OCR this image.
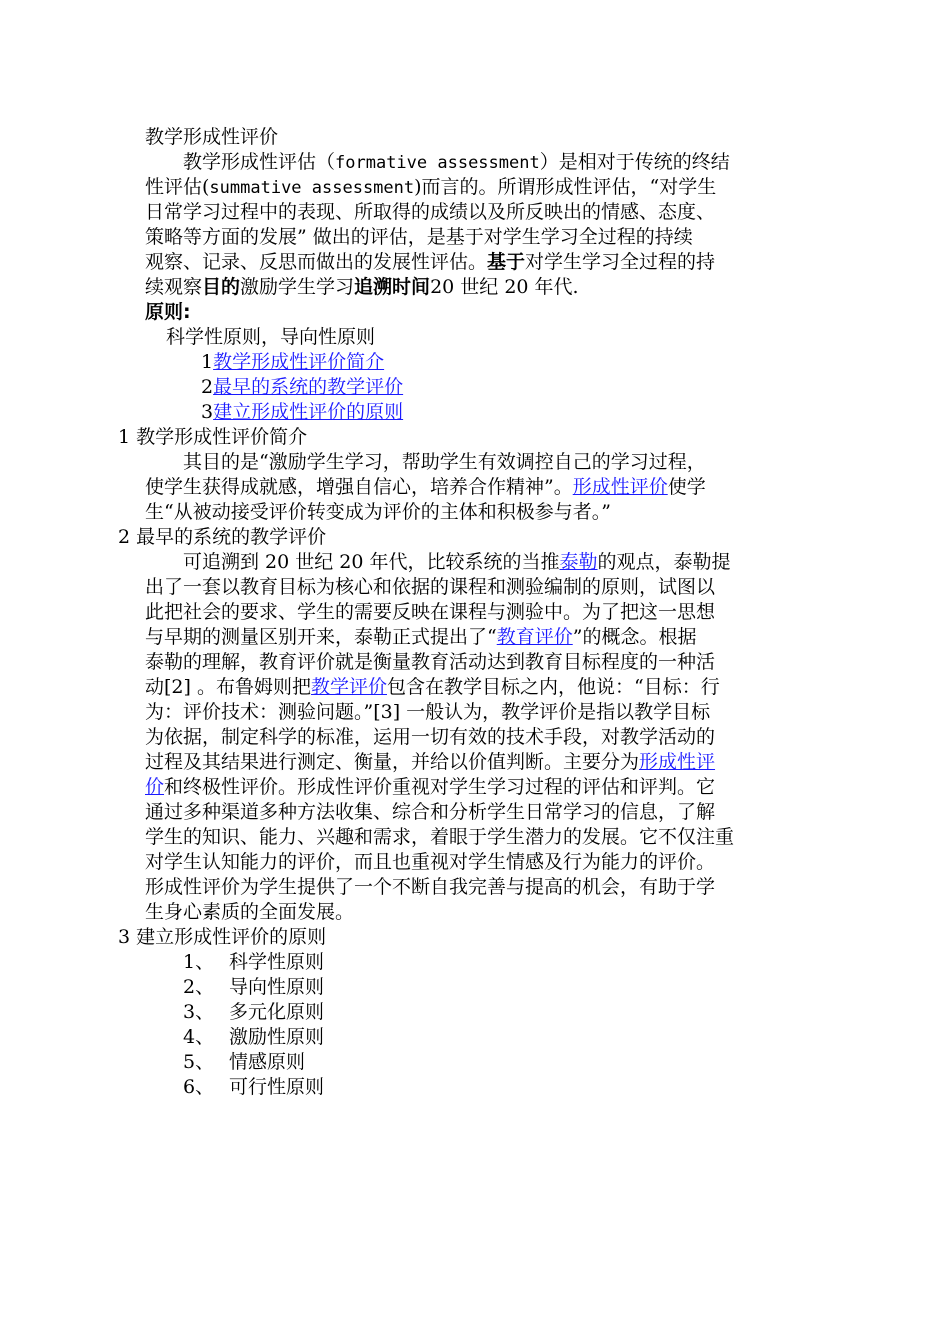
教学形成性评价
教学形成性评估（formative assessment）是相对于传统的终结
性评估(summative assessment)而言的。所谓形成性评估，“对学生
日常学习过程中的表现、所取得的成绩以及所反映出的情感、态度、
策略等方面的发展” 做出的评估，是基于对学生学习全过程的持续
观察、记录、反思而做出的发展性评估。基于对学生学习全过程的持
续观察目的激励学生学习追溯时间20 世纪 20 年代.
原则:
科学性原则，导向性原则
1教学形成性评价简介
2最早的系统的教学评价
3建立形成性评价的原则
1 教学形成性评价简介
其目的是“激励学生学习，帮助学生有效调控自己的学习过程，
使学生获得成就感，增强自信心，培养合作精神”。形成性评价使学
生“从被动接受评价转变成为评价的主体和积极参与者。”
2 最早的系统的教学评价
可追溯到 20 世纪 20 年代，比较系统的当推泰勒的观点，泰勒提
出了一套以教育目标为核心和依据的课程和测验编制的原则，试图以
此把社会的要求、学生的需要反映在课程与测验中。为了把这一思想
与早期的测量区别开来，泰勒正式提出了“教育评价”的概念。根据
泰勒的理解，教育评价就是衡量教育活动达到教育目标程度的一种活
动[2] 。布鲁姆则把教学评价包含在教学目标之内，他说：“目标：行
为：评价技术：测验问题。”[3] 一般认为，教学评价是指以教学目标
为依据，制定科学的标准，运用一切有效的技术手段，对教学活动的
过程及其结果进行测定、衡量，并给以价值判断。主要分为形成性评
价和终极性评价。形成性评价重视对学生学习过程的评估和评判。它
通过多种渠道多种方法收集、综合和分析学生日常学习的信息，了解
学生的知识、能力、兴趣和需求，着眼于学生潜力的发展。它不仅注重
对学生认知能力的评价，而且也重视对学生情感及行为能力的评价。
形成性评价为学生提供了一个不断自我完善与提高的机会，有助于学
生身心素质的全面发展。
3 建立形成性评价的原则
1、 科学性原则
2、 导向性原则
3、 多元化原则
4、 激励性原则
5、 情感原则
6、 可行性原则
